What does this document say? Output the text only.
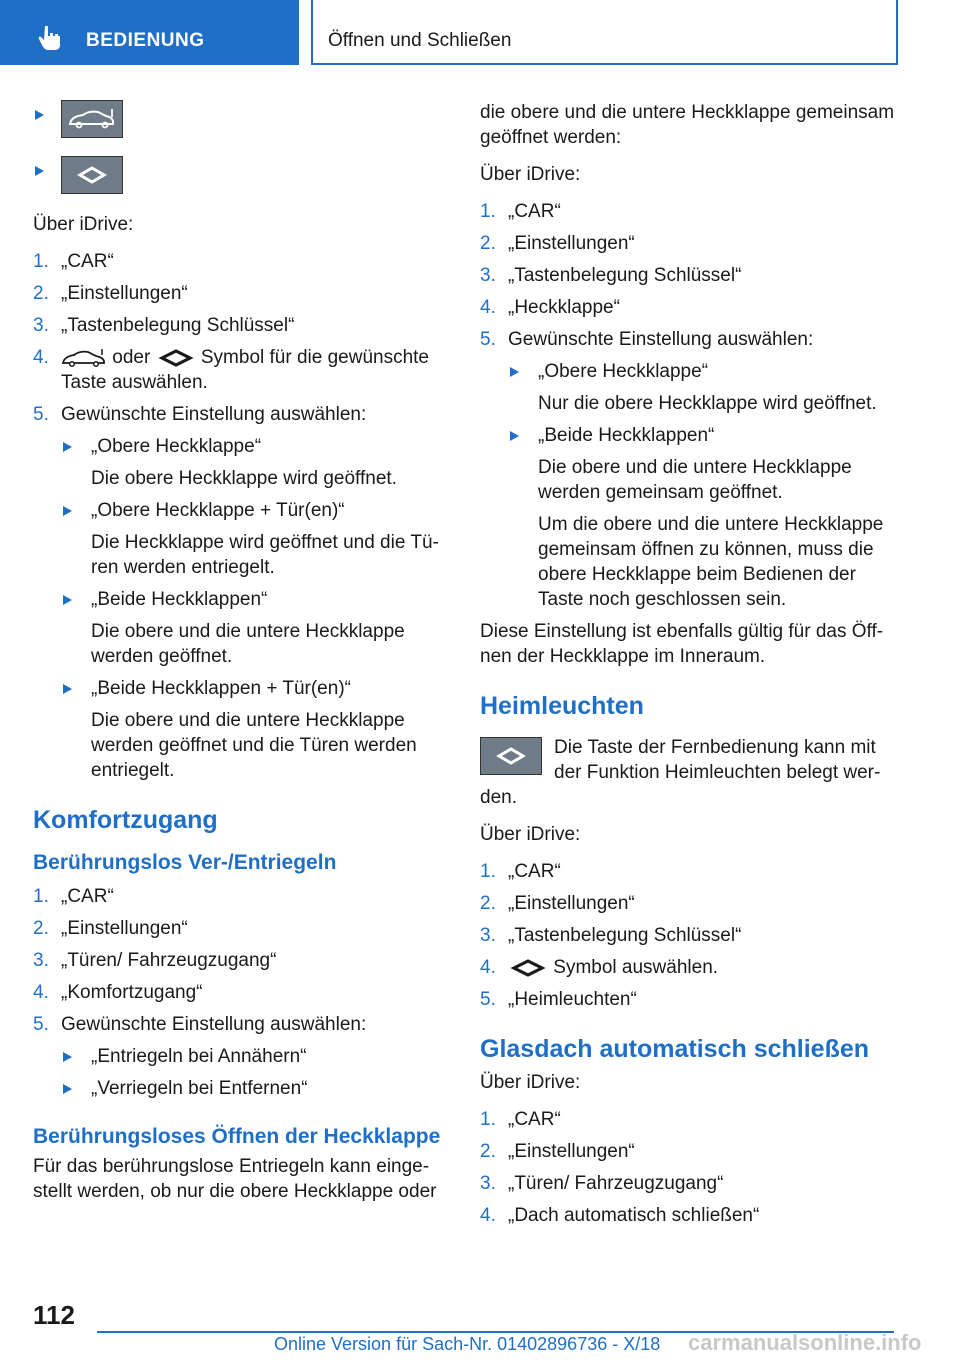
BEDIENUNG	Öffnen und Schließen

Über iDrive:

1. „CAR“
2. „Einstellungen“
3. „Tastenbelegung Schlüssel“
4.	oder	Symbol für die gewünschte Taste auswählen.
5. Gewünschte Einstellung auswählen:

„Obere Heckklappe“

Die obere Heckklappe wird geöffnet.

„Obere Heckklappe + Tür(en)“

Die Heckklappe wird geöffnet und die Türen werden entriegelt.

„Beide Heckklappen“

Die obere und die untere Heckklappe werden geöffnet.

„Beide Heckklappen + Tür(en)“

Die obere und die untere Heckklappe werden geöffnet und die Türen werden entriegelt.

Komfortzugang
Berührungslos Ver-/Entriegeln
1. „CAR“
2. „Einstellungen“
3. „Türen/ Fahrzeugzugang“
4. „Komfortzugang“
5. Gewünschte Einstellung auswählen:

„Entriegeln bei Annähern“

„Verriegeln bei Entfernen“

Berührungsloses Öffnen der Heckklappe

Für das berührungslose Entriegeln kann eingestellt werden, ob nur die obere Heckklappe oder

die obere und die untere Heckklappe gemeinsam geöffnet werden:

Über iDrive:

1. „CAR“
2. „Einstellungen“
3. „Tastenbelegung Schlüssel“
4. „Heckklappe“
5. Gewünschte Einstellung auswählen:

„Obere Heckklappe“

Nur die obere Heckklappe wird geöffnet.

„Beide Heckklappen“

Die obere und die untere Heckklappe werden gemeinsam geöffnet.

Um die obere und die untere Heckklappe gemeinsam öffnen zu können, muss die obere Heckklappe beim Bedienen der Taste noch geschlossen sein.

Diese Einstellung ist ebenfalls gültig für das Öffnen der Heckklappe im Inneraum.

Heimleuchten

Die Taste der Fernbedienung kann mit der Funktion Heimleuchten belegt werden.

Über iDrive:

1. „CAR“
2. „Einstellungen“
3. „Tastenbelegung Schlüssel“
4.	Symbol auswählen.
5. „Heimleuchten“
Glasdach automatisch schließen

Über iDrive:

1. „CAR“
2. „Einstellungen“
3. „Türen/ Fahrzeugzugang“
4. „Dach automatisch schließen“
112
Online Version für Sach-Nr. 01402896736 - X/18 carmanualsonline.info
